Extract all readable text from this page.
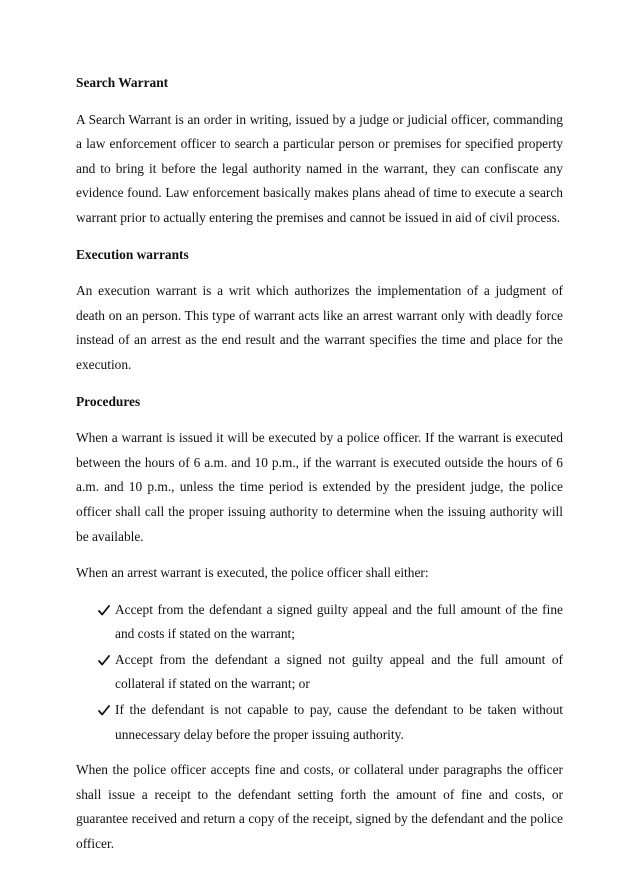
Search Warrant

A Search Warrant is an order in writing, issued by a judge or judicial officer, commanding a law enforcement officer to search a particular person or premises for specified property and to bring it before the legal authority named in the warrant, they can confiscate any evidence found. Law enforcement basically makes plans ahead of time to execute a search warrant prior to actually entering the premises and cannot be issued in aid of civil process.

Execution warrants

An execution warrant is a writ which authorizes the implementation of a judgment of death on an person. This type of warrant acts like an arrest warrant only with deadly force instead of an arrest as the end result and the warrant specifies the time and place for the execution.

Procedures

When a warrant is issued it will be executed by a police officer. If the warrant is executed between the hours of 6 a.m. and 10 p.m., if the warrant is executed outside the hours of 6 a.m. and 10 p.m., unless the time period is extended by the president judge, the police officer shall call the proper issuing authority to determine when the issuing authority will be available.

When an arrest warrant is executed, the police officer shall either:

Accept from the defendant a signed guilty appeal and the full amount of the fine and costs if stated on the warrant;
Accept from the defendant a signed not guilty appeal and the full amount of collateral if stated on the warrant; or
If the defendant is not capable to pay, cause the defendant to be taken without unnecessary delay before the proper issuing authority.

When the police officer accepts fine and costs, or collateral under paragraphs the officer shall issue a receipt to the defendant setting forth the amount of fine and costs, or guarantee received and return a copy of the receipt, signed by the defendant and the police officer.
